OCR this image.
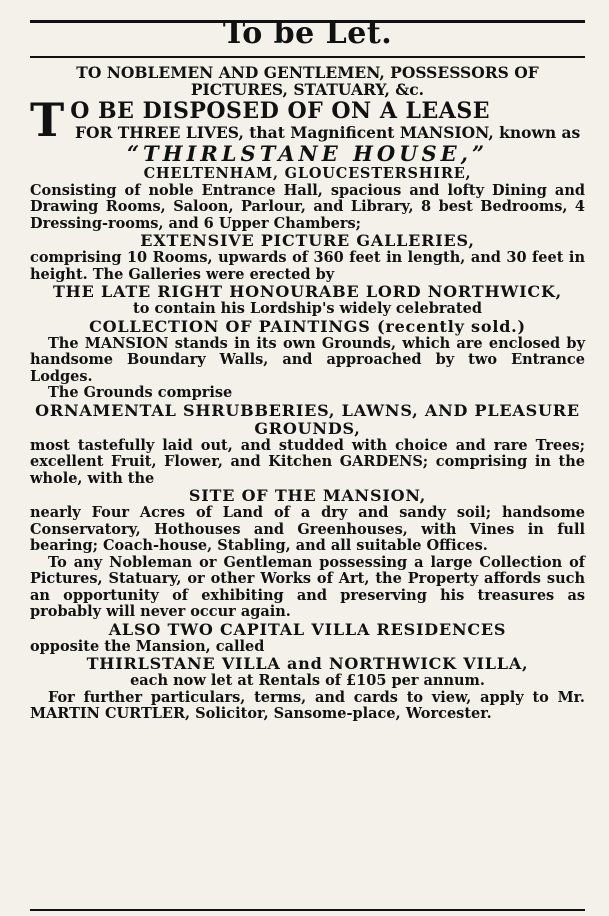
To be Let.

TO NOBLEMEN AND GENTLEMEN, POSSESSORS OF PICTURES, STATUARY, &c.

T O BE DISPOSED OF ON A LEASE

FOR THREE LIVES, that Magnificent MANSION, known as

“THIRLSTANE HOUSE,”

CHELTENHAM, GLOUCESTERSHIRE,

Consisting of noble Entrance Hall, spacious and lofty Dining and Drawing Rooms, Saloon, Parlour, and Library, 8 best Bedrooms, 4 Dressing-rooms, and 6 Upper Chambers;

EXTENSIVE PICTURE GALLERIES,

comprising 10 Rooms, upwards of 360 feet in length, and 30 feet in height. The Galleries were erected by

THE LATE RIGHT HONOURABE LORD NORTHWICK,

to contain his Lordship's widely celebrated

COLLECTION OF PAINTINGS (recently sold.)

The MANSION stands in its own Grounds, which are enclosed by handsome Boundary Walls, and approached by two Entrance Lodges.

The Grounds comprise

ORNAMENTAL SHRUBBERIES, LAWNS, AND PLEASURE GROUNDS,

most tastefully laid out, and studded with choice and rare Trees; excellent Fruit, Flower, and Kitchen GARDENS; comprising in the whole, with the

SITE OF THE MANSION,

nearly Four Acres of Land of a dry and sandy soil; handsome Conservatory, Hothouses and Greenhouses, with Vines in full bearing; Coach-house, Stabling, and all suitable Offices.

To any Nobleman or Gentleman possessing a large Collection of Pictures, Statuary, or other Works of Art, the Property affords such an opportunity of exhibiting and preserving his treasures as probably will never occur again.

ALSO TWO CAPITAL VILLA RESIDENCES

opposite the Mansion, called

THIRLSTANE VILLA and NORTHWICK VILLA,

each now let at Rentals of £105 per annum.

For further particulars, terms, and cards to view, apply to Mr. MARTIN CURTLER, Solicitor, Sansome-place, Worcester.
